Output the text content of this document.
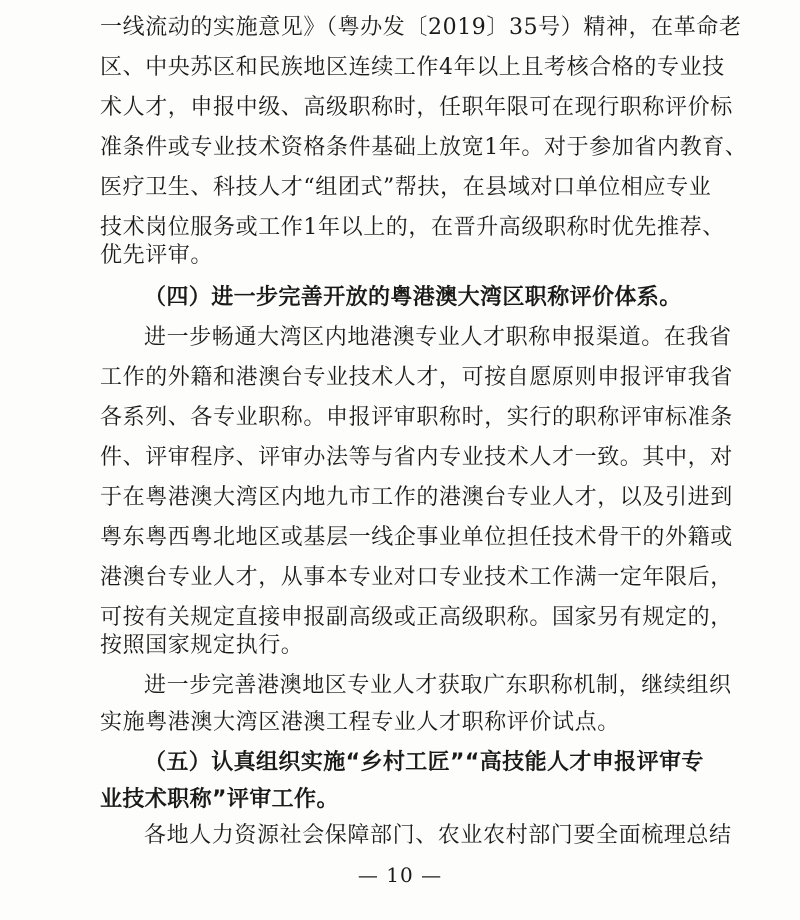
一线流动的实施意见》（粤办发〔2019〕35号）精神，在革命老
区、中央苏区和民族地区连续工作4年以上且考核合格的专业技
术人才，申报中级、高级职称时，任职年限可在现行职称评价标
准条件或专业技术资格条件基础上放宽1年。对于参加省内教育、
医疗卫生、科技人才“组团式”帮扶，在县域对口单位相应专业
技术岗位服务或工作1年以上的，在晋升高级职称时优先推荐、
优先评审。
（四）进一步完善开放的粤港澳大湾区职称评价体系。
进一步畅通大湾区内地港澳专业人才职称申报渠道。在我省
工作的外籍和港澳台专业技术人才，可按自愿原则申报评审我省
各系列、各专业职称。申报评审职称时，实行的职称评审标准条
件、评审程序、评审办法等与省内专业技术人才一致。其中，对
于在粤港澳大湾区内地九市工作的港澳台专业人才，以及引进到
粤东粤西粤北地区或基层一线企事业单位担任技术骨干的外籍或
港澳台专业人才，从事本专业对口专业技术工作满一定年限后，
可按有关规定直接申报副高级或正高级职称。国家另有规定的，
按照国家规定执行。
进一步完善港澳地区专业人才获取广东职称机制，继续组织
实施粤港澳大湾区港澳工程专业人才职称评价试点。
（五）认真组织实施“乡村工匠”“高技能人才申报评审专
业技术职称”评审工作。
各地人力资源社会保障部门、农业农村部门要全面梳理总结
— 10 —
